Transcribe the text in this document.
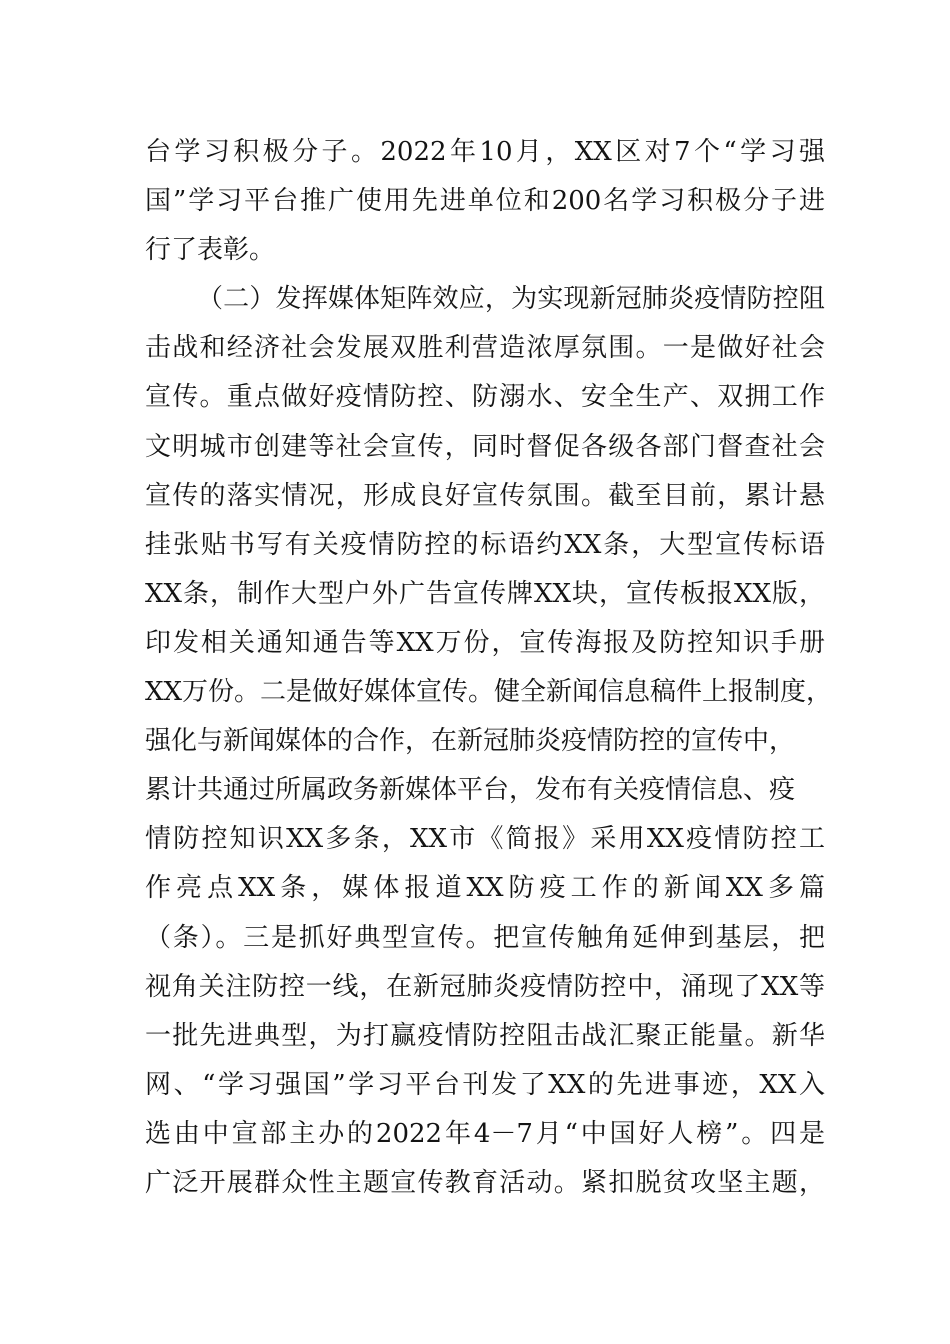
台学习积极分子。2022年10月，XX区对7个“学习强
国”学习平台推广使用先进单位和200名学习积极分子进
行了表彰。
（二）发挥媒体矩阵效应，为实现新冠肺炎疫情防控阻
击战和经济社会发展双胜利营造浓厚氛围。一是做好社会
宣传。重点做好疫情防控、防溺水、安全生产、双拥工作
文明城市创建等社会宣传，同时督促各级各部门督查社会
宣传的落实情况，形成良好宣传氛围。截至目前，累计悬
挂张贴书写有关疫情防控的标语约XX条，大型宣传标语
XX条，制作大型户外广告宣传牌XX块，宣传板报XX版，
印发相关通知通告等XX万份，宣传海报及防控知识手册
XX万份。二是做好媒体宣传。健全新闻信息稿件上报制度，
强化与新闻媒体的合作，在新冠肺炎疫情防控的宣传中，
累计共通过所属政务新媒体平台，发布有关疫情信息、疫
情防控知识XX多条，XX市《简报》采用XX疫情防控工
作亮点XX条，媒体报道XX防疫工作的新闻XX多篇
（条）。三是抓好典型宣传。把宣传触角延伸到基层，把
视角关注防控一线，在新冠肺炎疫情防控中，涌现了XX等
一批先进典型，为打赢疫情防控阻击战汇聚正能量。新华
网、“学习强国”学习平台刊发了XX的先进事迹，XX入
选由中宣部主办的2022年4－7月“中国好人榜”。四是
广泛开展群众性主题宣传教育活动。紧扣脱贫攻坚主题，
